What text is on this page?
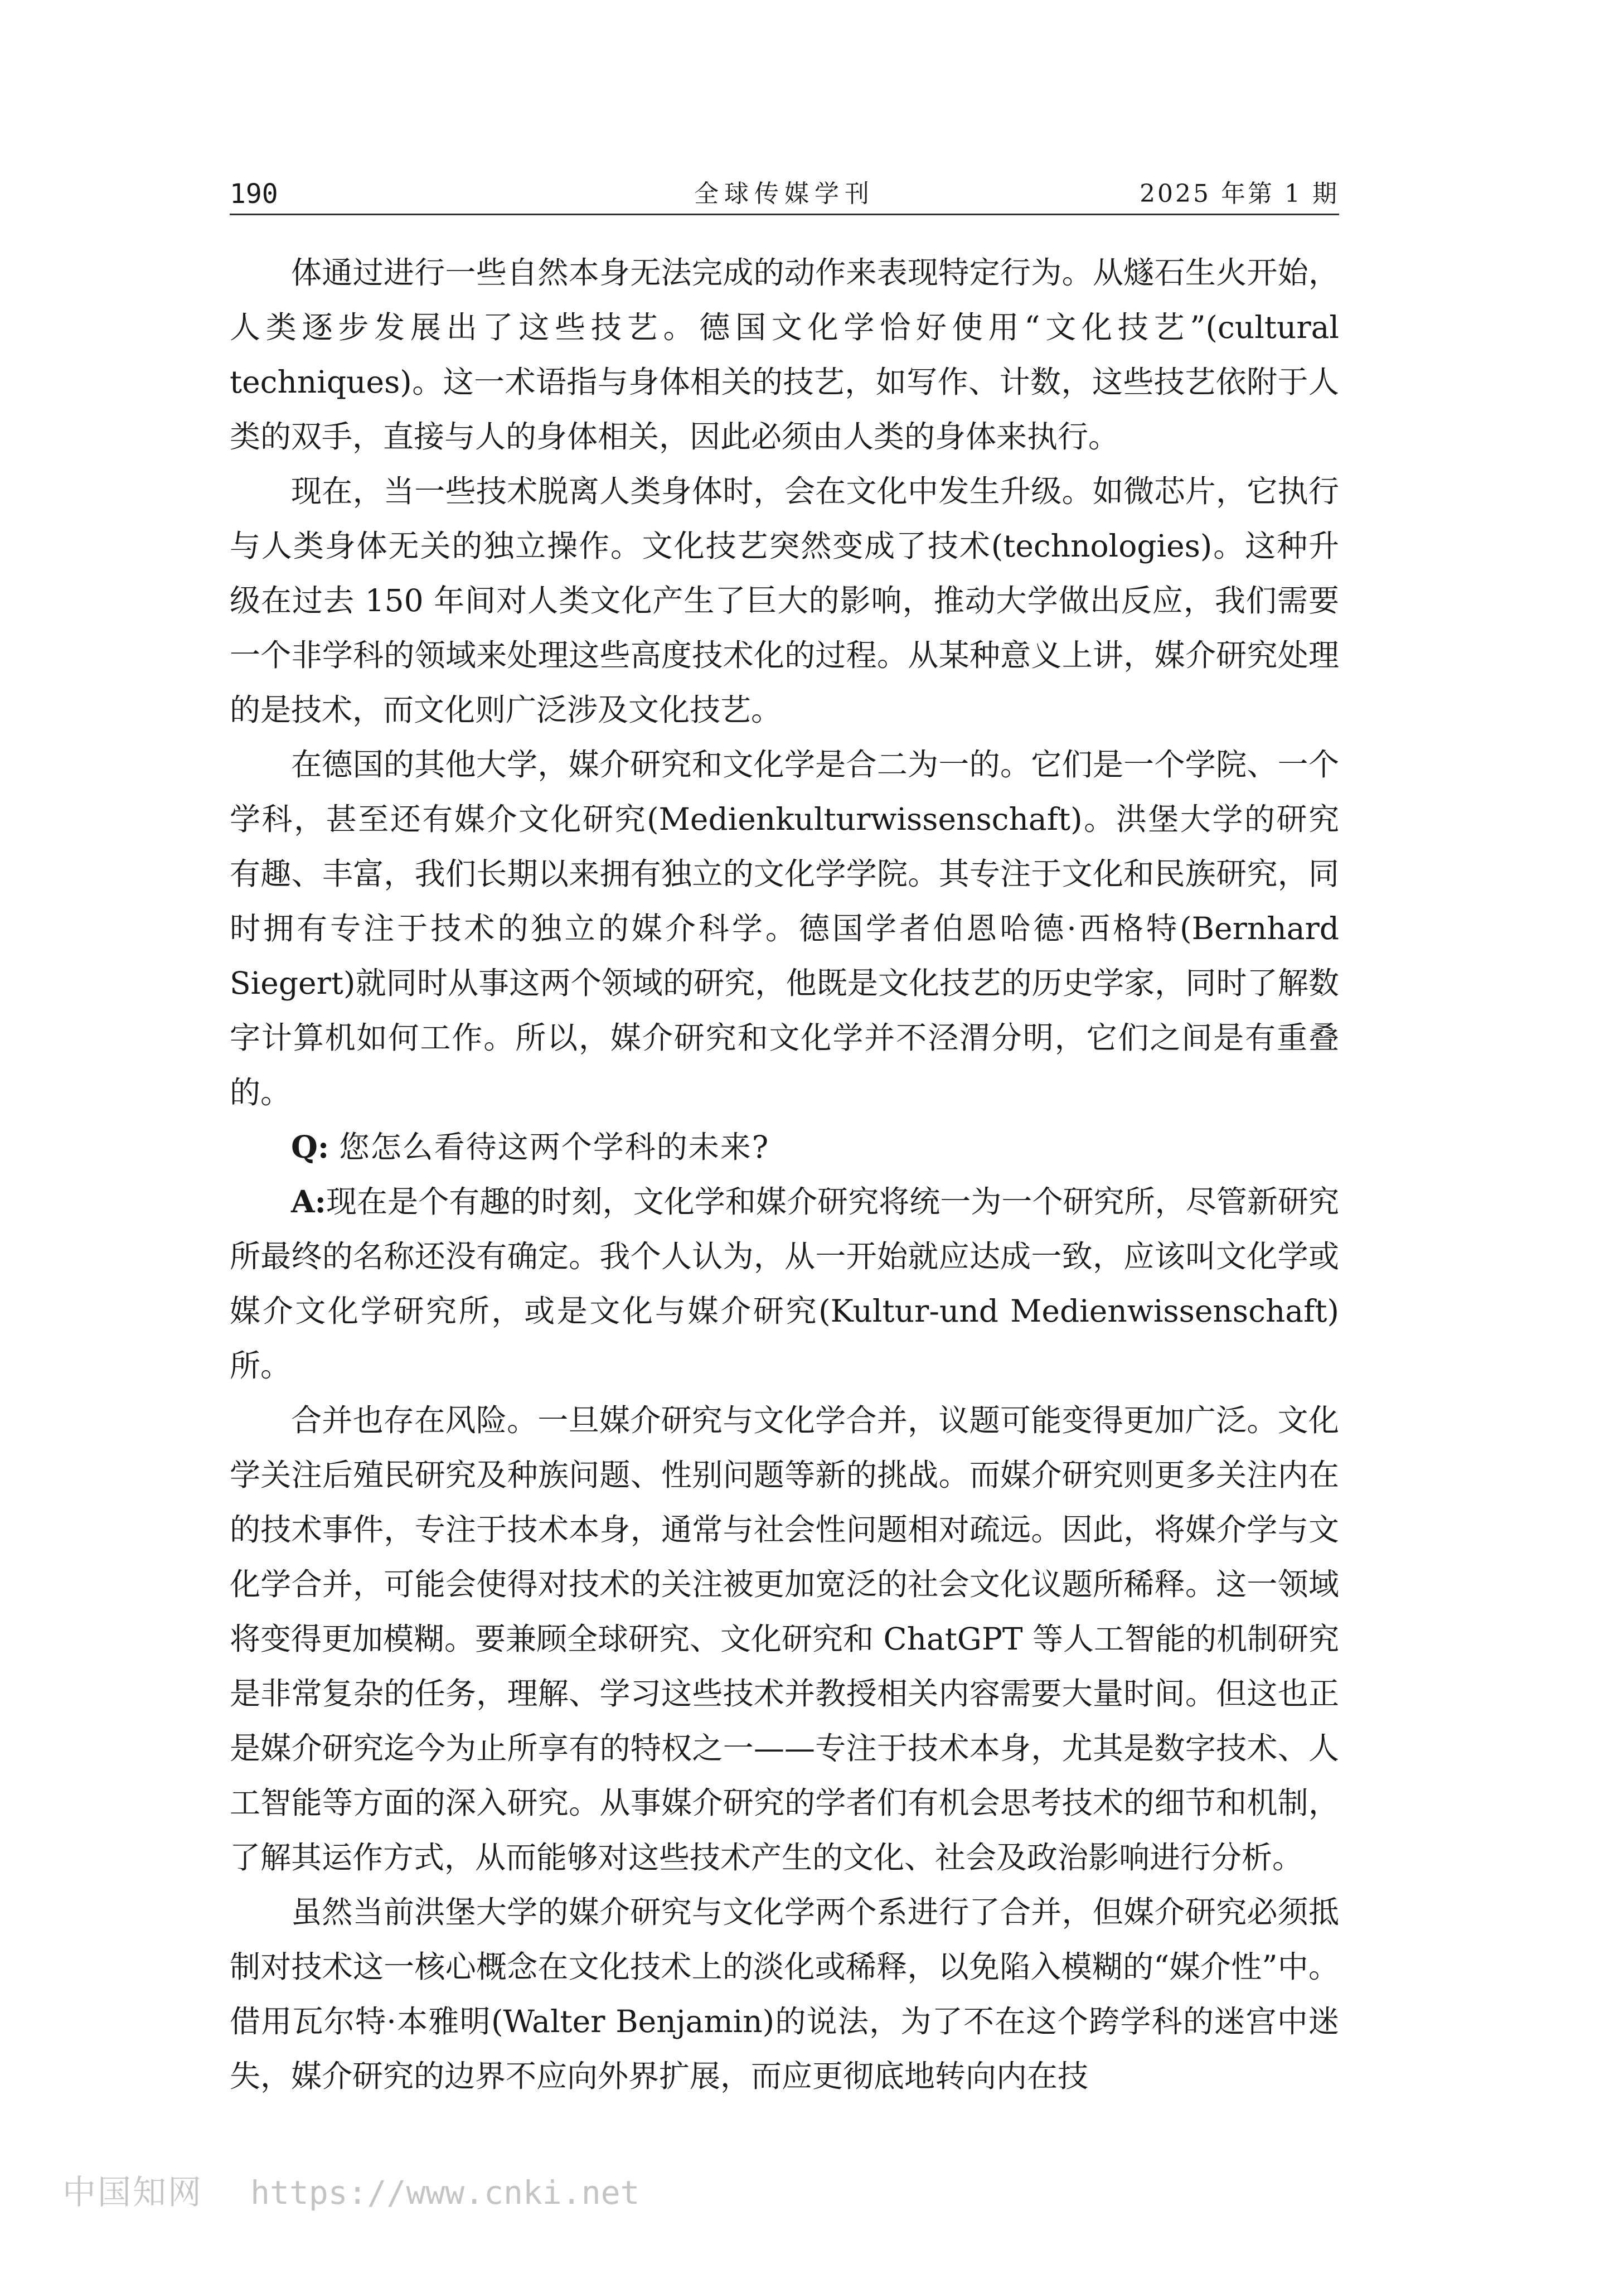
190	全球传媒学刊	2025 年第 1 期

体通过进行一些自然本身无法完成的动作来表现特定行为。从燧石生火开始，人类逐步发展出了这些技艺。德国文化学恰好使用“文化技艺”(cultural techniques)。这一术语指与身体相关的技艺，如写作、计数，这些技艺依附于人类的双手，直接与人的身体相关，因此必须由人类的身体来执行。

现在，当一些技术脱离人类身体时，会在文化中发生升级。如微芯片，它执行与人类身体无关的独立操作。文化技艺突然变成了技术(technologies)。这种升级在过去 150 年间对人类文化产生了巨大的影响，推动大学做出反应，我们需要一个非学科的领域来处理这些高度技术化的过程。从某种意义上讲，媒介研究处理的是技术，而文化则广泛涉及文化技艺。

在德国的其他大学，媒介研究和文化学是合二为一的。它们是一个学院、一个学科，甚至还有媒介文化研究(Medienkulturwissenschaft)。洪堡大学的研究有趣、丰富，我们长期以来拥有独立的文化学学院。其专注于文化和民族研究，同时拥有专注于技术的独立的媒介科学。德国学者伯恩哈德·西格特(Bernhard Siegert)就同时从事这两个领域的研究，他既是文化技艺的历史学家，同时了解数字计算机如何工作。所以，媒介研究和文化学并不泾渭分明，它们之间是有重叠的。

Q: 您怎么看待这两个学科的未来?

A:现在是个有趣的时刻，文化学和媒介研究将统一为一个研究所，尽管新研究所最终的名称还没有确定。我个人认为，从一开始就应达成一致，应该叫文化学或媒介文化学研究所，或是文化与媒介研究(Kultur-und Medienwissenschaft)所。

合并也存在风险。一旦媒介研究与文化学合并，议题可能变得更加广泛。文化学关注后殖民研究及种族问题、性别问题等新的挑战。而媒介研究则更多关注内在的技术事件，专注于技术本身，通常与社会性问题相对疏远。因此，将媒介学与文化学合并，可能会使得对技术的关注被更加宽泛的社会文化议题所稀释。这一领域将变得更加模糊。要兼顾全球研究、文化研究和 ChatGPT 等人工智能的机制研究是非常复杂的任务，理解、学习这些技术并教授相关内容需要大量时间。但这也正是媒介研究迄今为止所享有的特权之一——专注于技术本身，尤其是数字技术、人工智能等方面的深入研究。从事媒介研究的学者们有机会思考技术的细节和机制，了解其运作方式，从而能够对这些技术产生的文化、社会及政治影响进行分析。

虽然当前洪堡大学的媒介研究与文化学两个系进行了合并，但媒介研究必须抵制对技术这一核心概念在文化技术上的淡化或稀释，以免陷入模糊的“媒介性”中。借用瓦尔特·本雅明(Walter Benjamin)的说法，为了不在这个跨学科的迷宫中迷失，媒介研究的边界不应向外界扩展，而应更彻底地转向内在技

中国知网 https://www.cnki.net
